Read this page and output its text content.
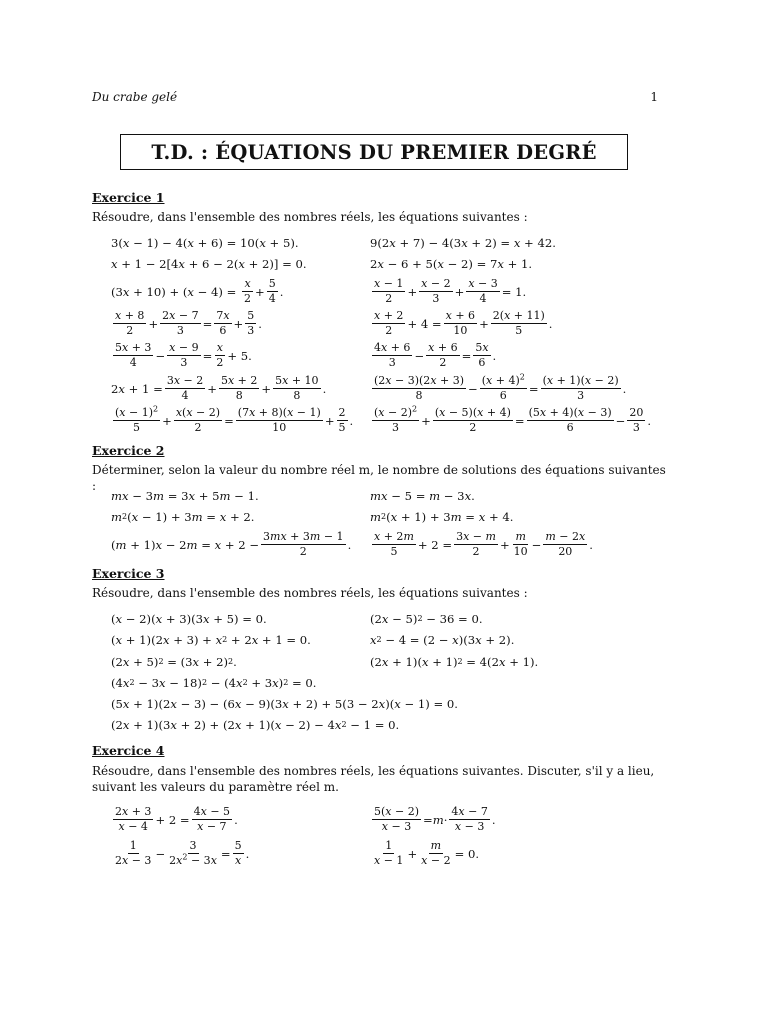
Du crabe gelé	1
T.D. : ÉQUATIONS DU PREMIER DEGRÉ
Exercice 1
Résoudre, dans l'ensemble des nombres réels, les équations suivantes :
3( x − 1) − 4( x + 6) = 10( x + 5).	9(2 x + 7) − 4(3 x + 2) = x + 42.
x + 1 − 2[4 x + 6 − 2( x + 2)] = 0.	2 x − 6 + 5( x − 2) = 7 x + 1.
(3 x + 10) + ( x − 4) =
x
2 +
5
4 .
x − 1
2 +
x − 2
3 +
x − 3
4 = 1.
x + 8
2 +
2x − 7
3 =
7x
6 +
5
3 .
x + 2
2 + 4 =
x + 6
10 +
2(x + 11)
5 .
5x + 3
4 −
x − 9
3 =
x
2 + 5.
4x + 6
3 −
x + 6
2 =
5x
6 .
2 x + 1 =
3x − 2
4 +
5x + 2
8 +
5x + 10
8 .
(2x − 3)(2x + 3)
8	−
$(x + 4)^2$
6 =
(x + 1)(x − 2)
3	.
$(x - 1)^2$
5 +
x(x − 2)
2 =
(7x + 8)(x − 1)
10	+
2
5 .
$(x - 2)^2$
3 +
(x − 5)(x + 4)
2	=
(5x + 4)(x − 3)
6	−
20
3 .
Exercice 2
Déterminer, selon la valeur du nombre réel m, le nombre de solutions des équations suivantes :
mx − 3 m = 3 x + 5 m − 1.	mx − 5 = m − 3 x .
m 2 ( x − 1) + 3 m = x + 2.	m 2 ( x + 1) + 3 m = x + 4.
( m + 1) x − 2 m = x + 2 −
3mx + 3m − 1
2	.
x + 2m
5 + 2 =
3x − m
2 +
m
10 −
m − 2x
20 .
Exercice 3
Résoudre, dans l'ensemble des nombres réels, les équations suivantes :
( x − 2)( x + 3)(3 x + 5) = 0.	(2 x − 5) 2 − 36 = 0.
( x + 1)(2 x + 3) + x 2 + 2 x + 1 = 0.	x 2 − 4 = (2 − x )(3 x + 2).
(2 x + 5) 2 = (3 x + 2) 2 .	(2 x + 1)( x + 1) 2 = 4(2 x + 1).
(4 x 2 − 3 x − 18) 2 − (4 x 2 + 3 x ) 2 = 0.
(5 x + 1)(2 x − 3) − (6 x − 9)(3 x + 2) + 5(3 − 2 x )( x − 1) = 0.
(2 x + 1)(3 x + 2) + (2 x + 1)( x − 2) − 4 x 2 − 1 = 0.
Exercice 4
Résoudre, dans l'ensemble des nombres réels, les équations suivantes. Discuter, s'il y a lieu, suivant les valeurs du paramètre réel m.
2x + 3
x − 4 + 2 =
4x − 5
x − 7 .
5(x − 2)
x − 3 = m ·
4x − 7
x − 3 .
1
2x − 3 −
3
$2x^2 - 3x$ =
5
x .
1
x − 1 +
m
x − 2 = 0.
